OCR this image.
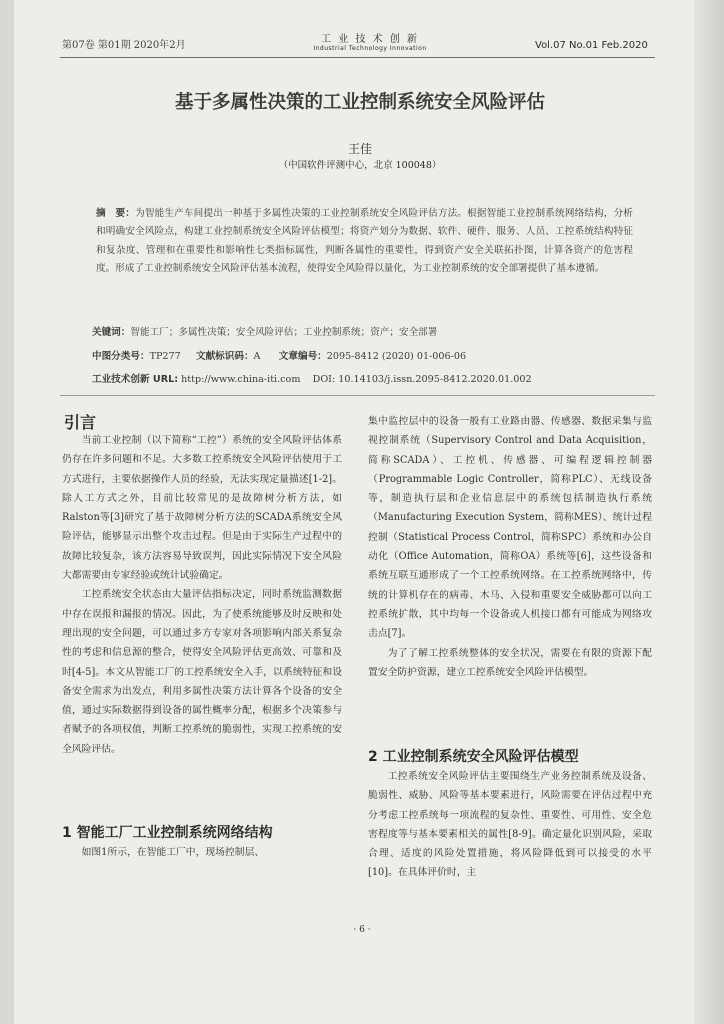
第07卷 第01期 2020年2月
工 业 技 术 创 新
Industrial Technology Innovation	Vol.07 No.01 Feb.2020
基于多属性决策的工业控制系统安全风险评估
王佳
（中国软件评测中心，北京 100048）
摘　要：为智能生产车间提出一种基于多属性决策的工业控制系统安全风险评估方法。根据智能工业控制系统网络结构，分析和明确安全风险点，构建工业控制系统安全风险评估模型；将资产划分为数据、软件、硬件、服务、人员、工控系统结构特征和复杂度、管理和在重要性和影响性七类指标属性，判断各属性的重要性，得到资产安全关联拓扑图，计算各资产的危害程度。形成了工业控制系统安全风险评估基本流程，使得安全风险得以量化，为工业控制系统的安全部署提供了基本遵循。
关键词：智能工厂；多属性决策；安全风险评估；工业控制系统；资产；安全部署
中图分类号：TP277 文献标识码：A 文章编号：2095-8412 (2020) 01-006-06
工业技术创新 URL: http://www.china-iti.com DOI: 10.14103/j.issn.2095-8412.2020.01.002
引言

当前工业控制（以下简称“工控”）系统的安全风险评估体系仍存在许多问题和不足。大多数工控系统安全风险评估使用于工方式进行，主要依据操作人员的经验，无法实现定量描述[1-2]。除人工方式之外，目前比较常见的是故障树分析方法，如Ralston等[3]研究了基于故障树分析方法的SCADA系统安全风险评估，能够显示出整个攻击过程。但是由于实际生产过程中的故障比较复杂，该方法容易导致误判，因此实际情况下安全风险大都需要由专家经验或统计试验确定。

工控系统安全状态由大量评估指标决定，同时系统监测数据中存在误报和漏报的情况。因此，为了使系统能够及时反映和处理出现的安全问题，可以通过多方专家对各项影响内部关系复杂性的考虑和信息源的整合，使得安全风险评估更高效、可靠和及时[4-5]。本文从智能工厂的工控系统安全入手，以系统特征和设备安全需求为出发点，利用多属性决策方法计算各个设备的安全值，通过实际数据得到设备的属性概率分配，根据多个决策参与者赋予的各项权值，判断工控系统的脆弱性，实现工控系统的安全风险评估。

1 智能工厂工业控制系统网络结构

如图1所示，在智能工厂中，现场控制层、

集中监控层中的设备一般有工业路由器、传感器、数据采集与监视控制系统（Supervisory Control and Data Acquisition，简称SCADA）、工控机、传感器、可编程逻辑控制器（Programmable Logic Controller，简称PLC）、无线设备等，制造执行层和企业信息层中的系统包括制造执行系统（Manufacturing Execution System，简称MES）、统计过程控制（Statistical Process Control，简称SPC）系统和办公自动化（Office Automation，简称OA）系统等[6]，这些设备和系统互联互通形成了一个工控系统网络。在工控系统网络中，传统的计算机存在的病毒、木马、入侵和重要安全威胁都可以向工控系统扩散，其中均每一个设备或人机接口都有可能成为网络攻击点[7]。

为了了解工控系统整体的安全状况，需要在有限的资源下配置安全防护资源，建立工控系统安全风险评估模型。

2 工业控制系统安全风险评估模型

工控系统安全风险评估主要围绕生产业务控制系统及设备、脆弱性、威胁、风险等基本要素进行，风险需要在评估过程中充分考虑工控系统每一项流程的复杂性、重要性、可用性、安全危害程度等与基本要素相关的属性[8-9]。确定量化识别风险，采取合理、适度的风险处置措施，将风险降低到可以接受的水平[10]。在具体评价时，主

· 6 ·
